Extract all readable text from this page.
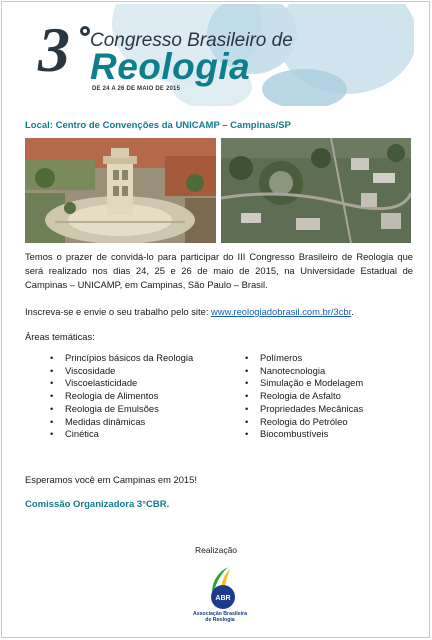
3 Congresso Brasileiro de
Reologia
DE 24 A 26 DE MAIO DE 2015
Local: Centro de Convenções da UNICAMP – Campinas/SP
Temos o prazer de convidá-lo para participar do III Congresso Brasileiro de Reologia que será realizado nos dias 24, 25 e 26 de maio de 2015, na Universidade Estadual de Campinas – UNICAMP, em Campinas, São Paulo – Brasil.
Inscreva-se e envie o seu trabalho pelo site: www.reologiadobrasil.com.br/3cbr.
Áreas temáticas:
• Princípios básicos da Reologia
• Viscosidade
• Viscoelasticidade
• Reologia de Alimentos
• Reologia de Emulsões
• Medidas dinâmicas
• Cinética
• Polímeros
• Nanotecnologia
• Simulação e Modelagem
• Reologia de Asfalto
• Propriedades Mecânicas
• Reologia do Petróleo
• Biocombustíveis
Esperamos você em Campinas em 2015!
Comissão Organizadora 3°CBR.
Realização
ABR
Associação Brasileira
de Reologia
